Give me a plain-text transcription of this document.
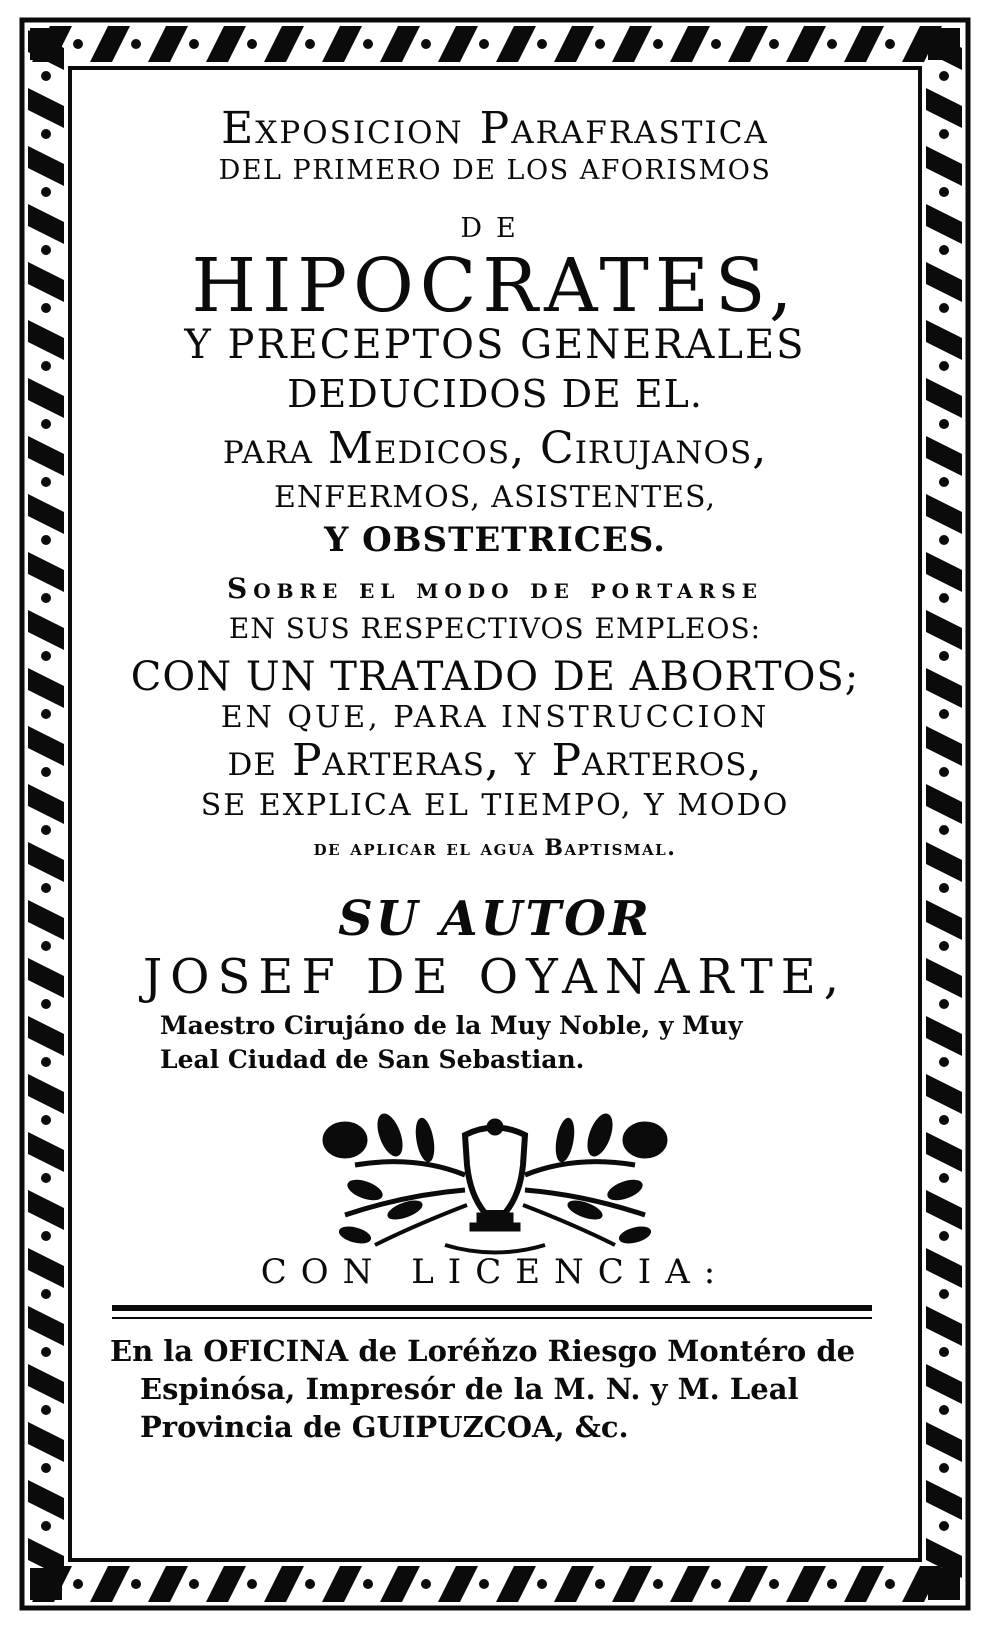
Exposicion Parafrastica
DEL PRIMERO DE LOS AFORISMOS
DE
HIPOCRATES,
Y PRECEPTOS GENERALES
DEDUCIDOS DE EL.
para Medicos, Cirujanos,
ENFERMOS, ASISTENTES,
Y OBSTETRICES.
Sobre el modo de portarse
EN SUS RESPECTIVOS EMPLEOS:
CON UN TRATADO DE ABORTOS;
EN QUE, PARA INSTRUCCION
de Parteras, y Parteros,
SE EXPLICA EL TIEMPO, Y MODO
de aplicar el agua Baptismal.
SU AUTOR
JOSEF DE OYANARTE,
Maestro Cirujáno de la Muy Noble, y Muy
Leal Ciudad de San Sebastian.
CON LICENCIA:
En la OFICINA de Loréňzo Riesgo Montéro de
Espinósa, Impresór de la M. N. y M. Leal
Provincia de GUIPUZCOA, &c.
